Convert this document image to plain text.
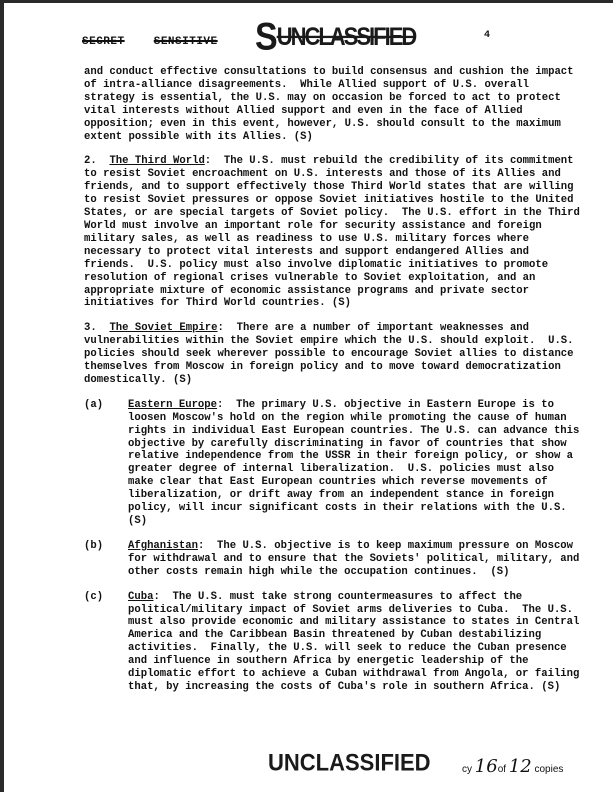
SECRET	SENSITIVE	SUNCLASSIFIED	4

and conduct effective consultations to build consensus and cushion the impact of intra-alliance disagreements.  While Allied support of U.S. overall strategy is essential, the U.S. may on occasion be forced to act to protect vital interests without Allied support and even in the face of Allied opposition; even in this event, however, U.S. should consult to the maximum extent possible with its Allies. (S)

2. The Third World:  The U.S. must rebuild the credibility of its commitment to resist Soviet encroachment on U.S. interests and those of its Allies and friends, and to support effectively those Third World states that are willing to resist Soviet pressures or oppose Soviet initiatives hostile to the United States, or are special targets of Soviet policy.  The U.S. effort in the Third World must involve an important role for security assistance and foreign military sales, as well as readiness to use U.S. military forces where necessary to protect vital interests and support endangered Allies and friends.  U.S. policy must also involve diplomatic initiatives to promote resolution of regional crises vulnerable to Soviet exploitation, and an appropriate mixture of economic assistance programs and private sector initiatives for Third World countries. (S)

3. The Soviet Empire:  There are a number of important weaknesses and vulnerabilities within the Soviet empire which the U.S. should exploit.  U.S. policies should seek wherever possible to encourage Soviet allies to distance themselves from Moscow in foreign policy and to move toward democratization domestically. (S)

(a)	Eastern Europe:  The primary U.S. objective in Eastern Europe is to loosen Moscow's hold on the region while promoting the cause of human rights in individual East European countries. The U.S. can advance this objective by carefully discriminating in favor of countries that show relative independence from the USSR in their foreign policy, or show a greater degree of internal liberalization.  U.S. policies must also make clear that East European countries which reverse movements of liberalization, or drift away from an independent stance in foreign policy, will incur significant costs in their relations with the U.S.  (S)
(b)	Afghanistan:  The U.S. objective is to keep maximum pressure on Moscow for withdrawal and to ensure that the Soviets' political, military, and other costs remain high while the occupation continues.  (S)
(c)	Cuba:  The U.S. must take strong countermeasures to affect the political/military impact of Soviet arms deliveries to Cuba.  The U.S. must also provide economic and military assistance to states in Central America and the Caribbean Basin threatened by Cuban destabilizing activities.  Finally, the U.S. will seek to reduce the Cuban presence and influence in southern Africa by energetic leadership of the diplomatic effort to achieve a Cuban withdrawal from Angola, or failing that, by increasing the costs of Cuba's role in southern Africa. (S)
UNCLASSIFIED	cy 16of 12 copies
